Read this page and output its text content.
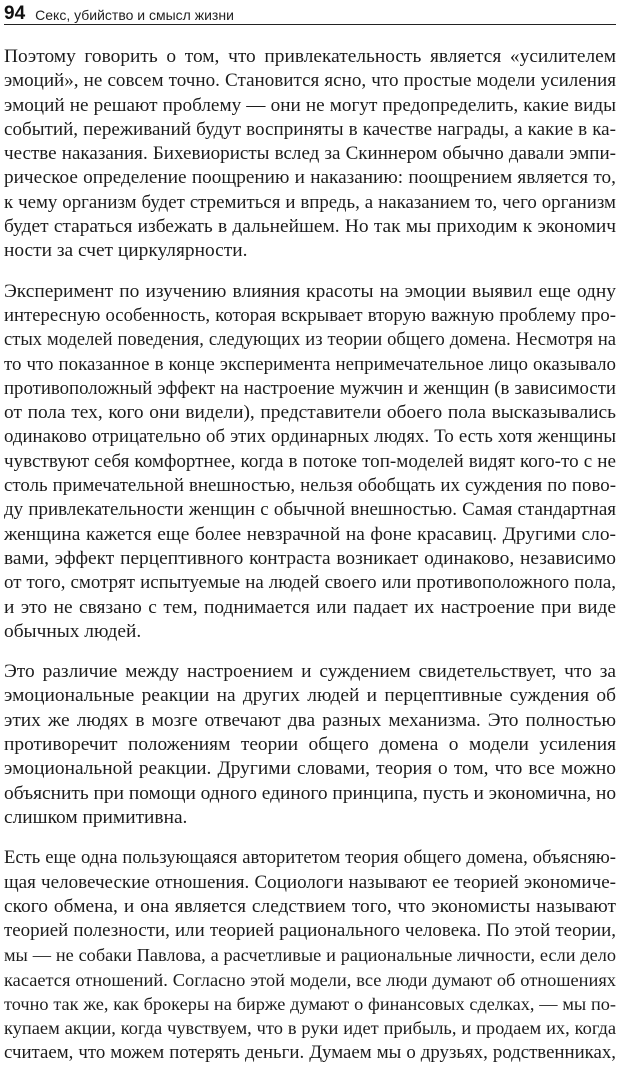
94 Секс, убийство и смысл жизни
Поэтому говорить о том, что привлекательность является «усилителем
эмоций», не совсем точно. Становится ясно, что простые модели усиления
эмоций не решают проблему — они не могут предопределить, какие виды
событий, переживаний будут восприняты в качестве награды, а какие в ка-
честве наказания. Бихевиористы вслед за Скиннером обычно давали эмпи-
рическое определение поощрению и наказанию: поощрением является то,
к чему организм будет стремиться и впредь, а наказанием то, чего организм
будет стараться избежать в дальнейшем. Но так мы приходим к экономич
ности за счет циркулярности.
Эксперимент по изучению влияния красоты на эмоции выявил еще одну
интересную особенность, которая вскрывает вторую важную проблему про-
стых моделей поведения, следующих из теории общего домена. Несмотря на
то что показанное в конце эксперимента непримечательное лицо оказывало
противоположный эффект на настроение мужчин и женщин (в зависимости
от пола тех, кого они видели), представители обоего пола высказывались
одинаково отрицательно об этих ординарных людях. То есть хотя женщины
чувствуют себя комфортнее, когда в потоке топ-моделей видят кого-то с не
столь примечательной внешностью, нельзя обобщать их суждения по пово-
ду привлекательности женщин с обычной внешностью. Самая стандартная
женщина кажется еще более невзрачной на фоне красавиц. Другими сло-
вами, эффект перцептивного контраста возникает одинаково, независимо
от того, смотрят испытуемые на людей своего или противоположного пола,
и это не связано с тем, поднимается или падает их настроение при виде
обычных людей.
Это различие между настроением и суждением свидетельствует, что за
эмоциональные реакции на других людей и перцептивные суждения об
этих же людях в мозге отвечают два разных механизма. Это полностью
противоречит положениям теории общего домена о модели усиления
эмоциональной реакции. Другими словами, теория о том, что все можно
объяснить при помощи одного единого принципа, пусть и экономична, но
слишком примитивна.
Есть еще одна пользующаяся авторитетом теория общего домена, объясняю-
щая человеческие отношения. Социологи называют ее теорией экономиче-
ского обмена, и она является следствием того, что экономисты называют
теорией полезности, или теорией рационального человека. По этой теории,
мы — не собаки Павлова, а расчетливые и рациональные личности, если дело
касается отношений. Согласно этой модели, все люди думают об отношениях
точно так же, как брокеры на бирже думают о финансовых сделках, — мы по-
купаем акции, когда чувствуем, что в руки идет прибыль, и продаем их, когда
считаем, что можем потерять деньги. Думаем мы о друзьях, родственниках,
